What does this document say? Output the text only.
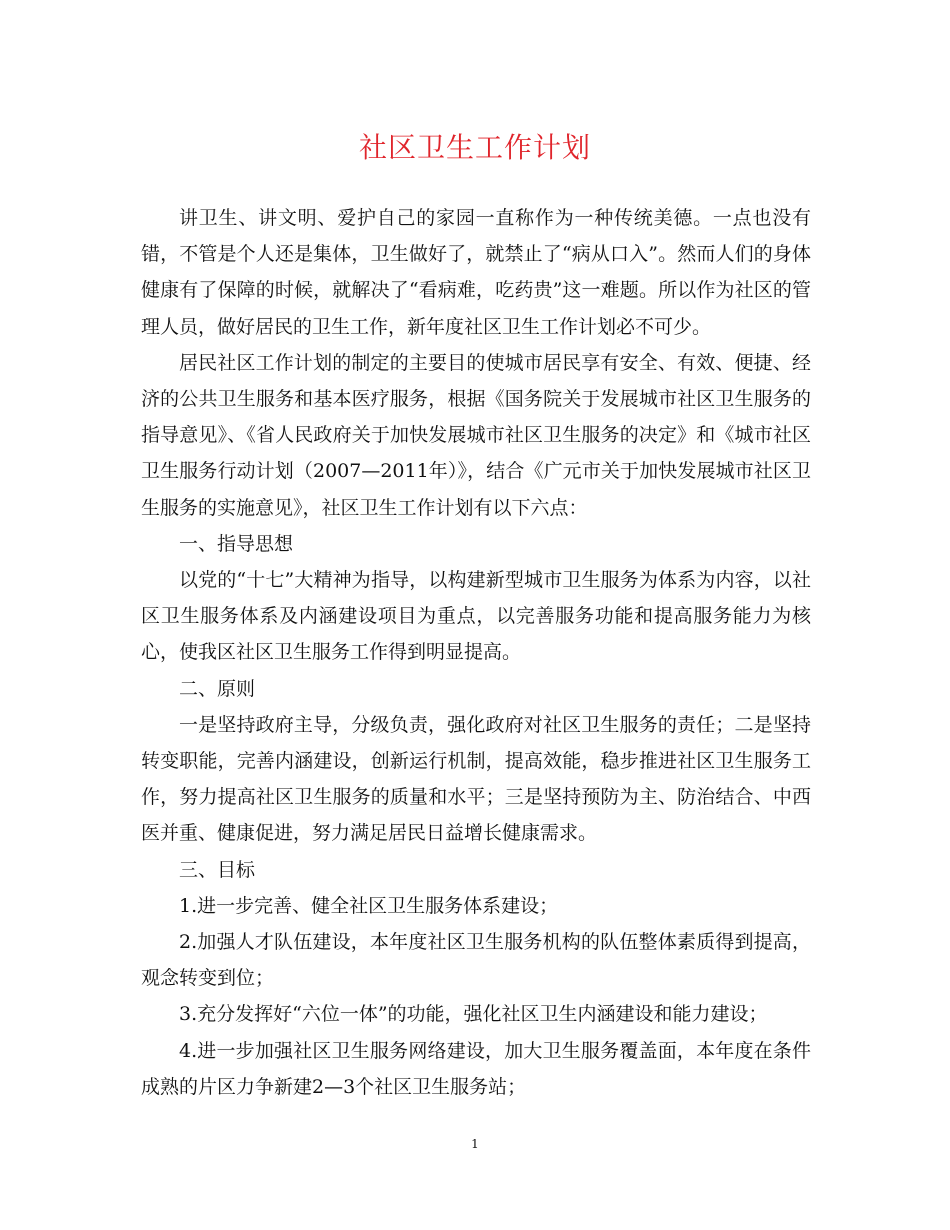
社区卫生工作计划

讲卫生、讲文明、爱护自己的家园一直称作为一种传统美德。一点也没有错，不管是个人还是集体，卫生做好了，就禁止了“病从口入”。然而人们的身体健康有了保障的时候，就解决了“看病难，吃药贵”这一难题。所以作为社区的管理人员，做好居民的卫生工作，新年度社区卫生工作计划必不可少。

居民社区工作计划的制定的主要目的使城市居民享有安全、有效、便捷、经济的公共卫生服务和基本医疗服务，根据《国务院关于发展城市社区卫生服务的指导意见》、《省人民政府关于加快发展城市社区卫生服务的决定》和《城市社区卫生服务行动计划（2007—2011年）》，结合《广元市关于加快发展城市社区卫生服务的实施意见》，社区卫生工作计划有以下六点：

一、指导思想

以党的“十七”大精神为指导，以构建新型城市卫生服务为体系为内容，以社区卫生服务体系及内涵建设项目为重点，以完善服务功能和提高服务能力为核心，使我区社区卫生服务工作得到明显提高。

二、原则

一是坚持政府主导，分级负责，强化政府对社区卫生服务的责任；二是坚持转变职能，完善内涵建设，创新运行机制，提高效能，稳步推进社区卫生服务工作，努力提高社区卫生服务的质量和水平；三是坚持预防为主、防治结合、中西医并重、健康促进，努力满足居民日益增长健康需求。

三、目标

1.进一步完善、健全社区卫生服务体系建设；

2.加强人才队伍建设，本年度社区卫生服务机构的队伍整体素质得到提高，观念转变到位；

3.充分发挥好“六位一体”的功能，强化社区卫生内涵建设和能力建设；

4.进一步加强社区卫生服务网络建设，加大卫生服务覆盖面，本年度在条件成熟的片区力争新建2—3个社区卫生服务站；

1
